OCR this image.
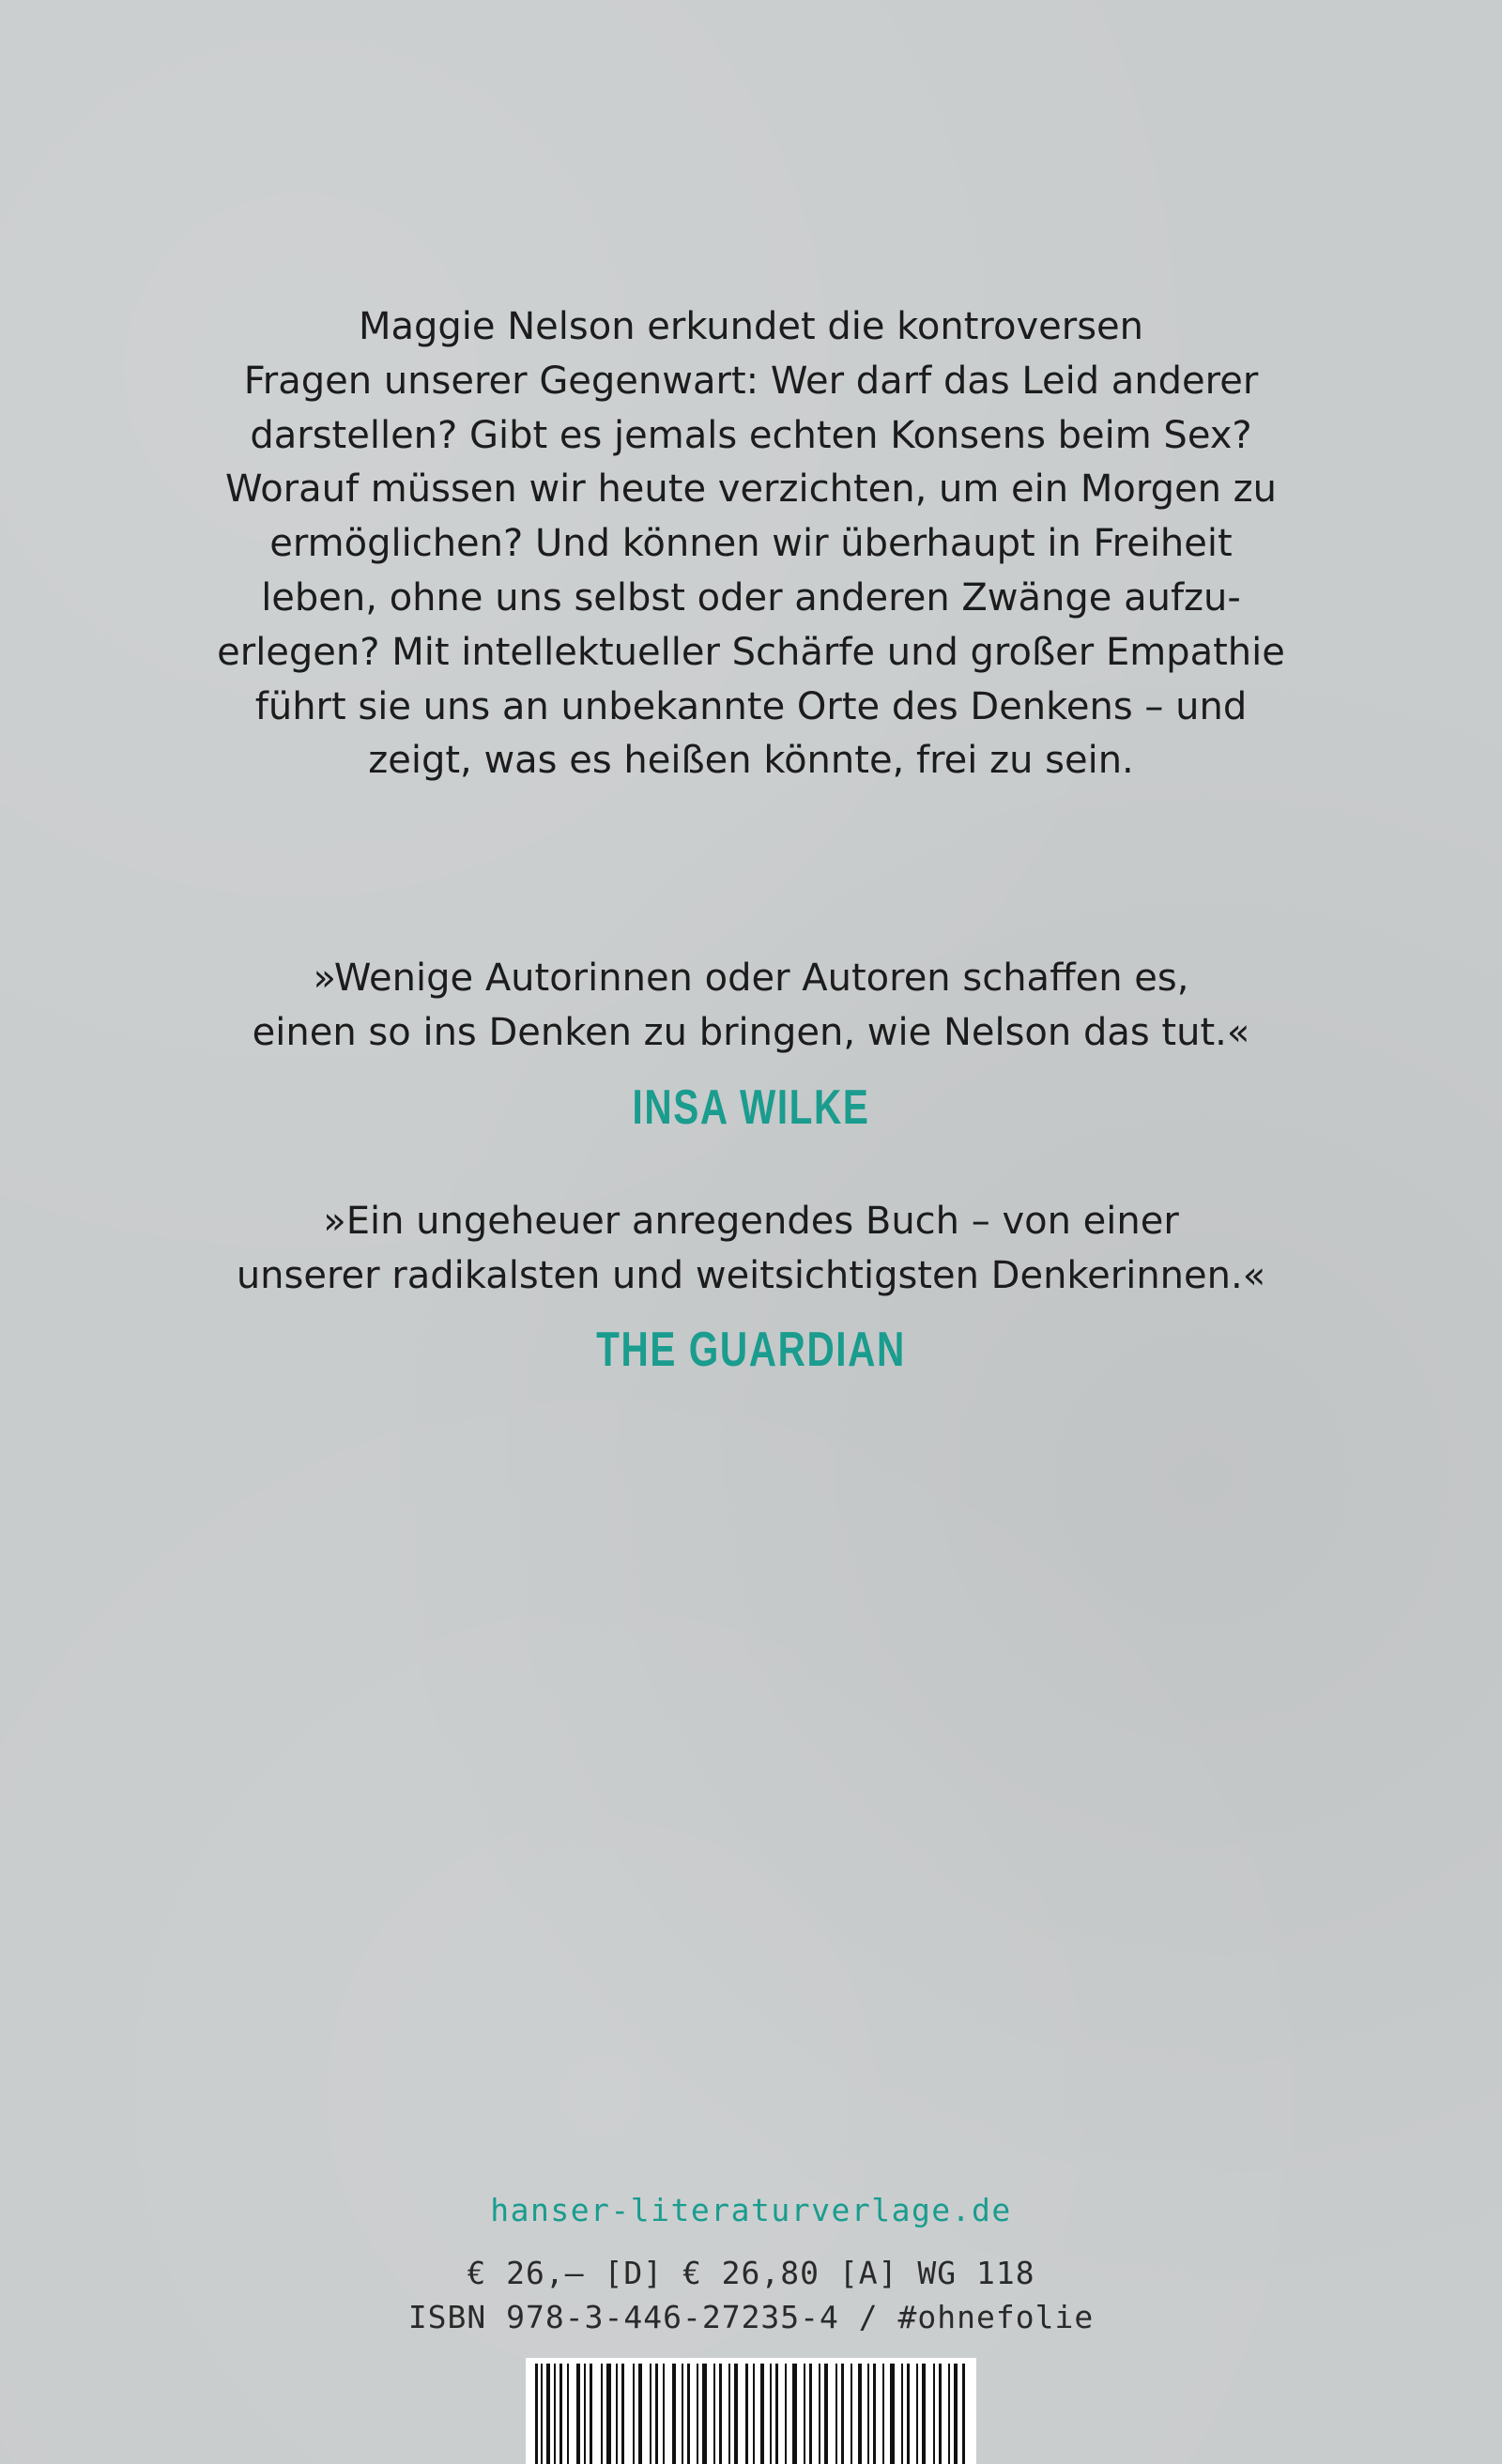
Maggie Nelson erkundet die kontroversen
Fragen unserer Gegenwart: Wer darf das Leid anderer
darstellen? Gibt es jemals echten Konsens beim Sex?
Worauf müssen wir heute verzichten, um ein Morgen zu
ermöglichen? Und können wir überhaupt in Freiheit
leben, ohne uns selbst oder anderen Zwänge aufzu-
erlegen? Mit intellektueller Schärfe und großer Empathie
führt sie uns an unbekannte Orte des Denkens – und
zeigt, was es heißen könnte, frei zu sein.
»Wenige Autorinnen oder Autoren schaffen es,
einen so ins Denken zu bringen, wie Nelson das tut.«
INSA WILKE
»Ein ungeheuer anregendes Buch – von einer
unserer radikalsten und weitsichtigsten Denkerinnen.«
THE GUARDIAN
hanser-literaturverlage.de
€ 26,– [D] € 26,80 [A] WG 118
ISBN 978-3-446-27235-4 / #ohnefolie
